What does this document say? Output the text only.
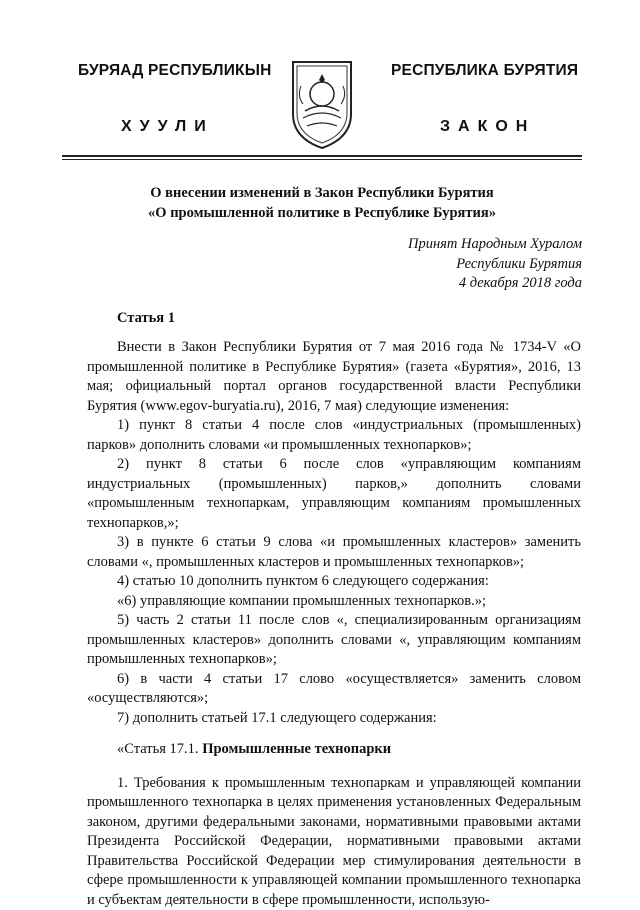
БУРЯАД РЕСПУБЛИКЫН	РЕСПУБЛИКА БУРЯТИЯ
ХУУЛИ	ЗАКОН
О внесении изменений в Закон Республики Бурятия
«О промышленной политике в Республике Бурятия»
Принят Народным Хуралом
Республики Бурятия
4 декабря 2018 года
Статья 1

Внести в Закон Республики Бурятия от 7 мая 2016 года № 1734-V «О промышленной политике в Республике Бурятия» (газета «Бурятия», 2016, 13 мая; официальный портал органов государственной власти Республики Бурятия (www.egov-buryatia.ru), 2016, 7 мая) следующие изменения:

1) пункт 8 статьи 4 после слов «индустриальных (промышленных) парков» дополнить словами «и промышленных технопарков»;

2) пункт 8 статьи 6 после слов «управляющим компаниям индустриальных (промышленных) парков,» дополнить словами «промышленным технопаркам, управляющим компаниям промышленных технопарков,»;

3) в пункте 6 статьи 9 слова «и промышленных кластеров» заменить словами «, промышленных кластеров и промышленных технопарков»;

4) статью 10 дополнить пунктом 6 следующего содержания:

«6) управляющие компании промышленных технопарков.»;

5) часть 2 статьи 11 после слов «, специализированным организациям промышленных кластеров» дополнить словами «, управляющим компаниям промышленных технопарков»;

6) в части 4 статьи 17 слово «осуществляется» заменить словом «осуществляются»;

7) дополнить статьей 17.1 следующего содержания:

«Статья 17.1. Промышленные технопарки

1. Требования к промышленным технопаркам и управляющей компании промышленного технопарка в целях применения установленных Федеральным законом, другими федеральными законами, нормативными правовыми актами Президента Российской Федерации, нормативными правовыми актами Правительства Российской Федерации мер стимулирования деятельности в сфере промышленности к управляющей компании промышленного технопарка и субъектам деятельности в сфере промышленности, использую-
